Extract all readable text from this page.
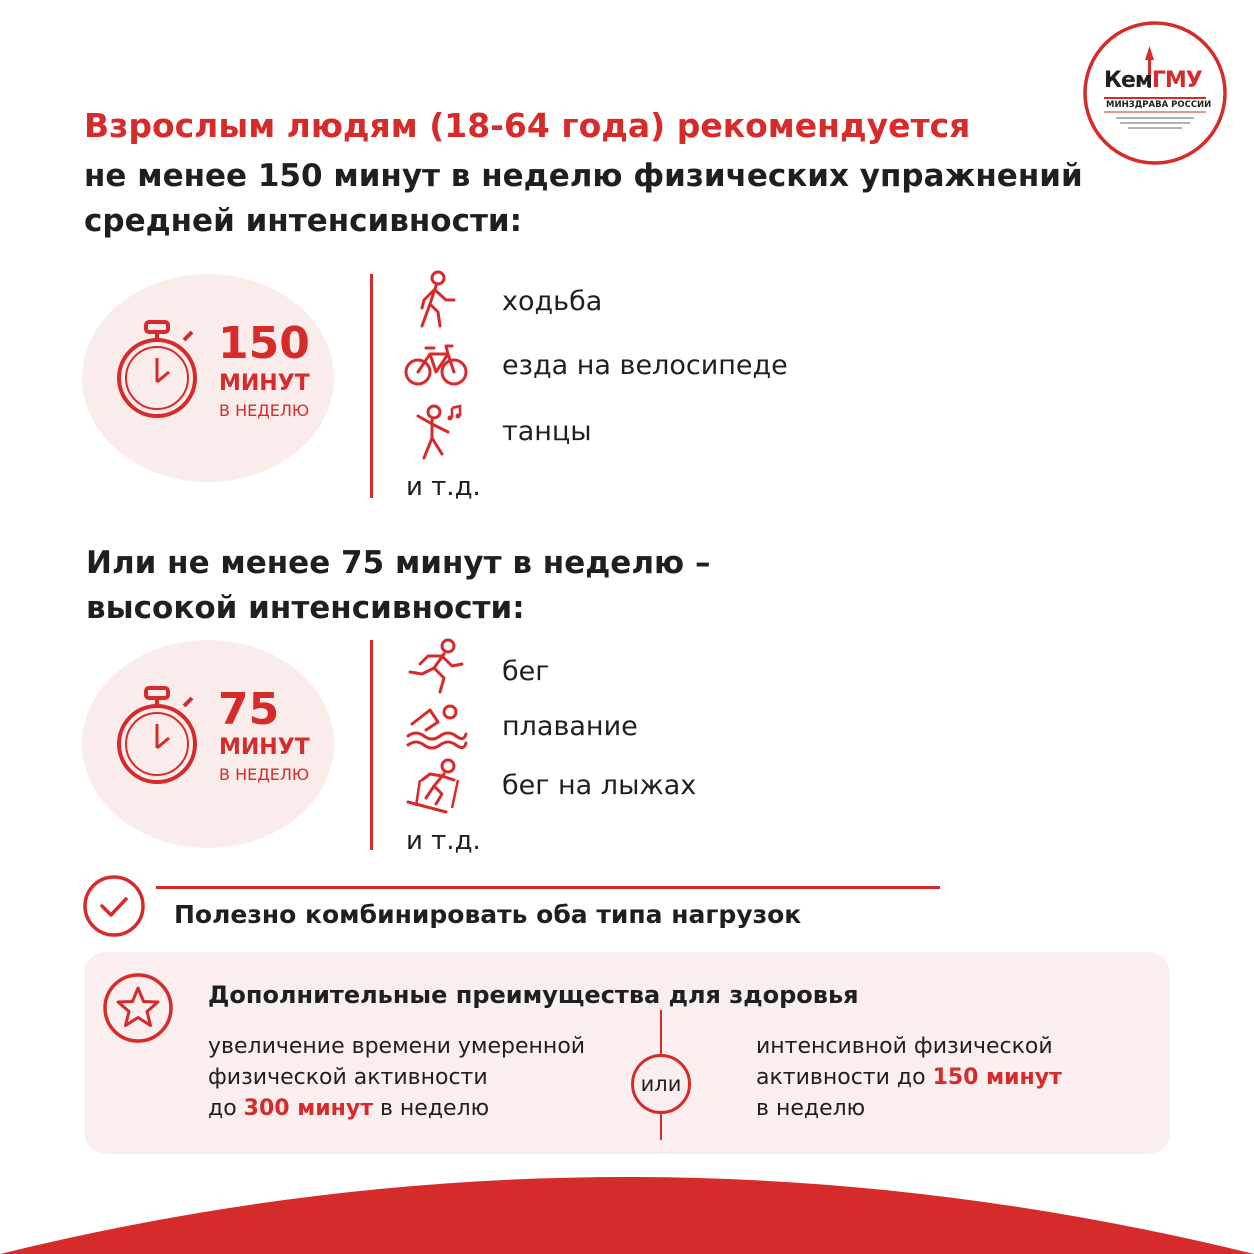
КемГМУ
МИНЗДРАВА РОССИИ
Взрослым людям (18-64 года) рекомендуется
не менее 150 минут в неделю физических упражнений
средней интенсивности:
150
МИНУТ
В НЕДЕЛЮ
ходьба
езда на велосипеде
танцы
и т.д.
Или не менее 75 минут в неделю –
высокой интенсивности:
75
МИНУТ
В НЕДЕЛЮ
бег
плавание
бег на лыжах
и т.д.
Полезно комбинировать оба типа нагрузок
Дополнительные преимущества для здоровья
увеличение времени умеренной
физической активности
до 300 минут в неделю
или
интенсивной физической
активности до 150 минут
в неделю
